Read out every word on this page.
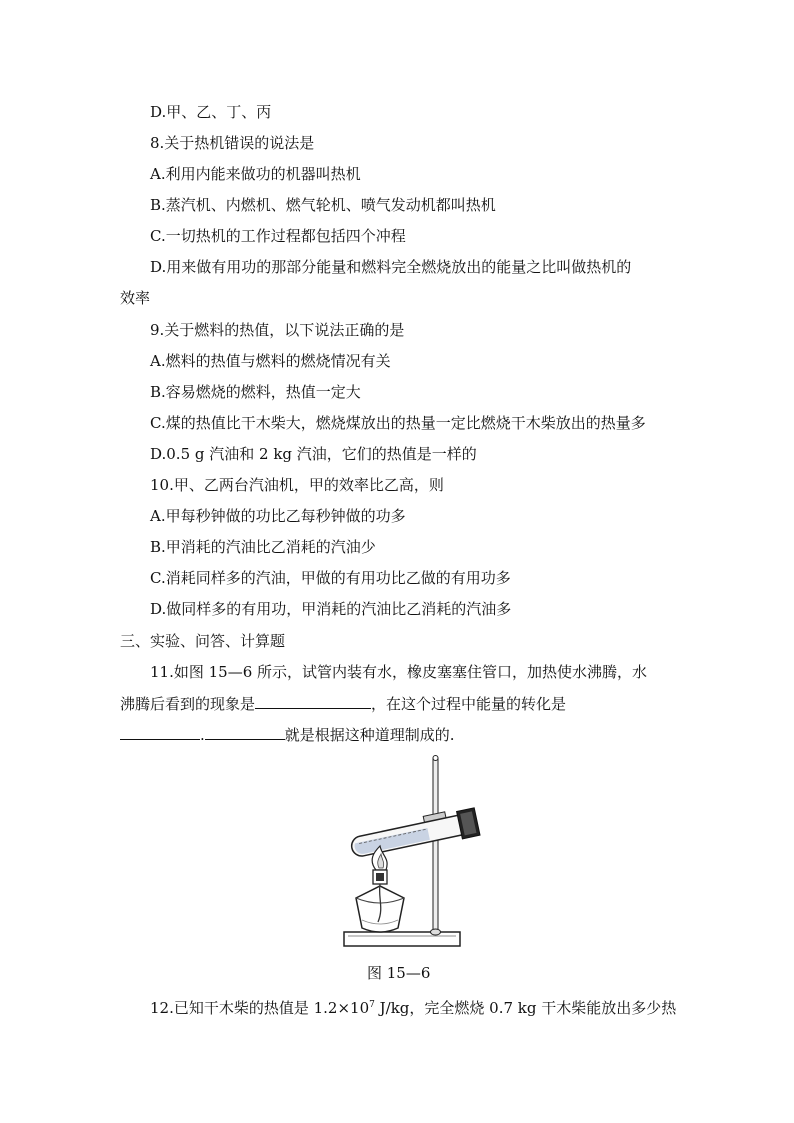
D.甲、乙、丁、丙
8.关于热机错误的说法是
A.利用内能来做功的机器叫热机
B.蒸汽机、内燃机、燃气轮机、喷气发动机都叫热机
C.一切热机的工作过程都包括四个冲程
D.用来做有用功的那部分能量和燃料完全燃烧放出的能量之比叫做热机的
效率
9.关于燃料的热值，以下说法正确的是
A.燃料的热值与燃料的燃烧情况有关
B.容易燃烧的燃料，热值一定大
C.煤的热值比干木柴大，燃烧煤放出的热量一定比燃烧干木柴放出的热量多
D.0.5 g 汽油和 2 kg 汽油，它们的热值是一样的
10.甲、乙两台汽油机，甲的效率比乙高，则
A.甲每秒钟做的功比乙每秒钟做的功多
B.甲消耗的汽油比乙消耗的汽油少
C.消耗同样多的汽油，甲做的有用功比乙做的有用功多
D.做同样多的有用功，甲消耗的汽油比乙消耗的汽油多
三、实验、问答、计算题
11.如图 15—6 所示，试管内装有水，橡皮塞塞住管口，加热使水沸腾，水
沸腾后看到的现象是	，在这个过程中能量的转化是
.	就是根据这种道理制成的.
图 15—6
12.已知干木柴的热值是 $1.2\times 10^7$ J/kg，完全燃烧 0.7 kg 干木柴能放出多少热
